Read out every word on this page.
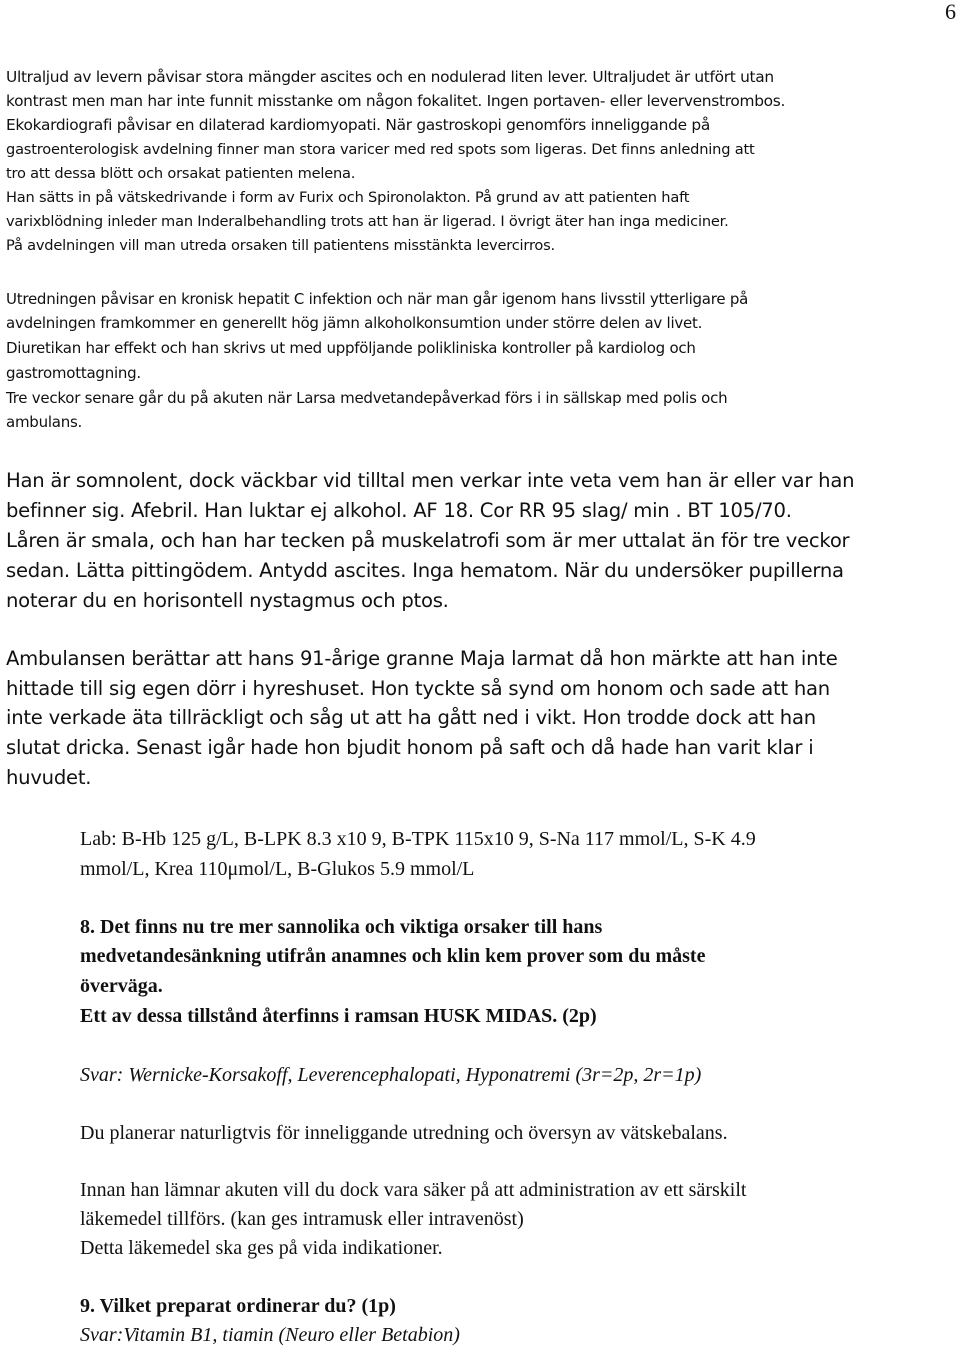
6
Ultraljud av levern påvisar stora mängder ascites och en nodulerad liten lever. Ultraljudet är utfört utan
kontrast men man har inte funnit misstanke om någon fokalitet. Ingen portaven- eller levervenstrombos.
Ekokardiografi påvisar en dilaterad kardiomyopati. När gastroskopi genomförs inneliggande på
gastroenterologisk avdelning finner man stora varicer med red spots som ligeras. Det finns anledning att
tro att dessa blött och orsakat patienten melena.
Han sätts in på vätskedrivande i form av Furix och Spironolakton. På grund av att patienten haft
varixblödning inleder man Inderalbehandling trots att han är ligerad. I övrigt äter han inga mediciner.
På avdelningen vill man utreda orsaken till patientens misstänkta levercirros.
Utredningen påvisar en kronisk hepatit C infektion och när man går igenom hans livsstil ytterligare på
avdelningen framkommer en generellt hög jämn alkoholkonsumtion under större delen av livet.
Diuretikan har effekt och han skrivs ut med uppföljande polikliniska kontroller på kardiolog och
gastromottagning.
Tre veckor senare går du på akuten när Larsa medvetandepåverkad förs i in sällskap med polis och
ambulans.
Han är somnolent, dock väckbar vid tilltal men verkar inte veta vem han är eller var han
befinner sig. Afebril. Han luktar ej alkohol. AF 18. Cor RR 95 slag/ min . BT 105/70.
Låren är smala, och han har tecken på muskelatrofi som är mer uttalat än för tre veckor
sedan. Lätta pittingödem. Antydd ascites. Inga hematom. När du undersöker pupillerna
noterar du en horisontell nystagmus och ptos.
Ambulansen berättar att hans 91-årige granne Maja larmat då hon märkte att han inte
hittade till sig egen dörr i hyreshuset. Hon tyckte så synd om honom och sade att han
inte verkade äta tillräckligt och såg ut att ha gått ned i vikt. Hon trodde dock att han
slutat dricka. Senast igår hade hon bjudit honom på saft och då hade han varit klar i
huvudet.
Lab: B-Hb 125 g/L, B-LPK 8.3 x10 9, B-TPK 115x10 9, S-Na 117 mmol/L, S-K 4.9
mmol/L, Krea 110μmol/L, B-Glukos 5.9 mmol/L
8. Det finns nu tre mer sannolika och viktiga orsaker till hans
medvetandesänkning utifrån anamnes och klin kem prover som du måste
överväga.
Ett av dessa tillstånd återfinns i ramsan HUSK MIDAS. (2p)
Svar: Wernicke-Korsakoff, Leverencephalopati, Hyponatremi (3r=2p, 2r=1p)
Du planerar naturligtvis för inneliggande utredning och översyn av vätskebalans.
Innan han lämnar akuten vill du dock vara säker på att administration av ett särskilt
läkemedel tillförs. (kan ges intramusk eller intravenöst)
Detta läkemedel ska ges på vida indikationer.
9. Vilket preparat ordinerar du? (1p)
Svar:Vitamin B1, tiamin (Neuro eller Betabion)
